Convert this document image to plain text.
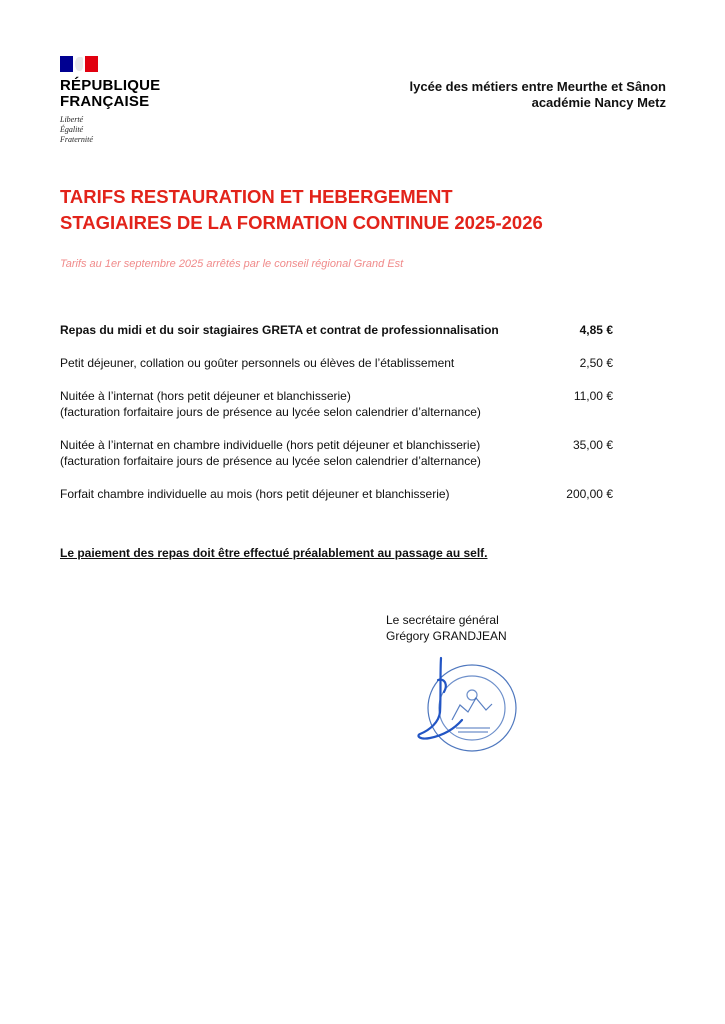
RÉPUBLIQUE
FRANÇAISE
Liberté
Égalité
Fraternité
lycée des métiers entre Meurthe et Sânon
académie Nancy Metz
TARIFS RESTAURATION ET HEBERGEMENT
STAGIAIRES DE LA FORMATION CONTINUE 2025-2026
Tarifs au 1er septembre 2025 arrêtés par le conseil régional Grand Est
Repas du midi et du soir stagiaires GRETA et contrat de professionnalisation	4,85 €
Petit déjeuner, collation ou goûter personnels ou élèves de l’établissement	2,50 €
Nuitée à l’internat (hors petit déjeuner et blanchisserie)
(facturation forfaitaire jours de présence au lycée selon calendrier d’alternance)
11,00 €
Nuitée à l’internat en chambre individuelle (hors petit déjeuner et blanchisserie)
(facturation forfaitaire jours de présence au lycée selon calendrier d’alternance)
35,00 €
Forfait chambre individuelle au mois (hors petit déjeuner et blanchisserie)	200,00 €
Le paiement des repas doit être effectué préalablement au passage au self.
Le secrétaire général
Grégory GRANDJEAN
